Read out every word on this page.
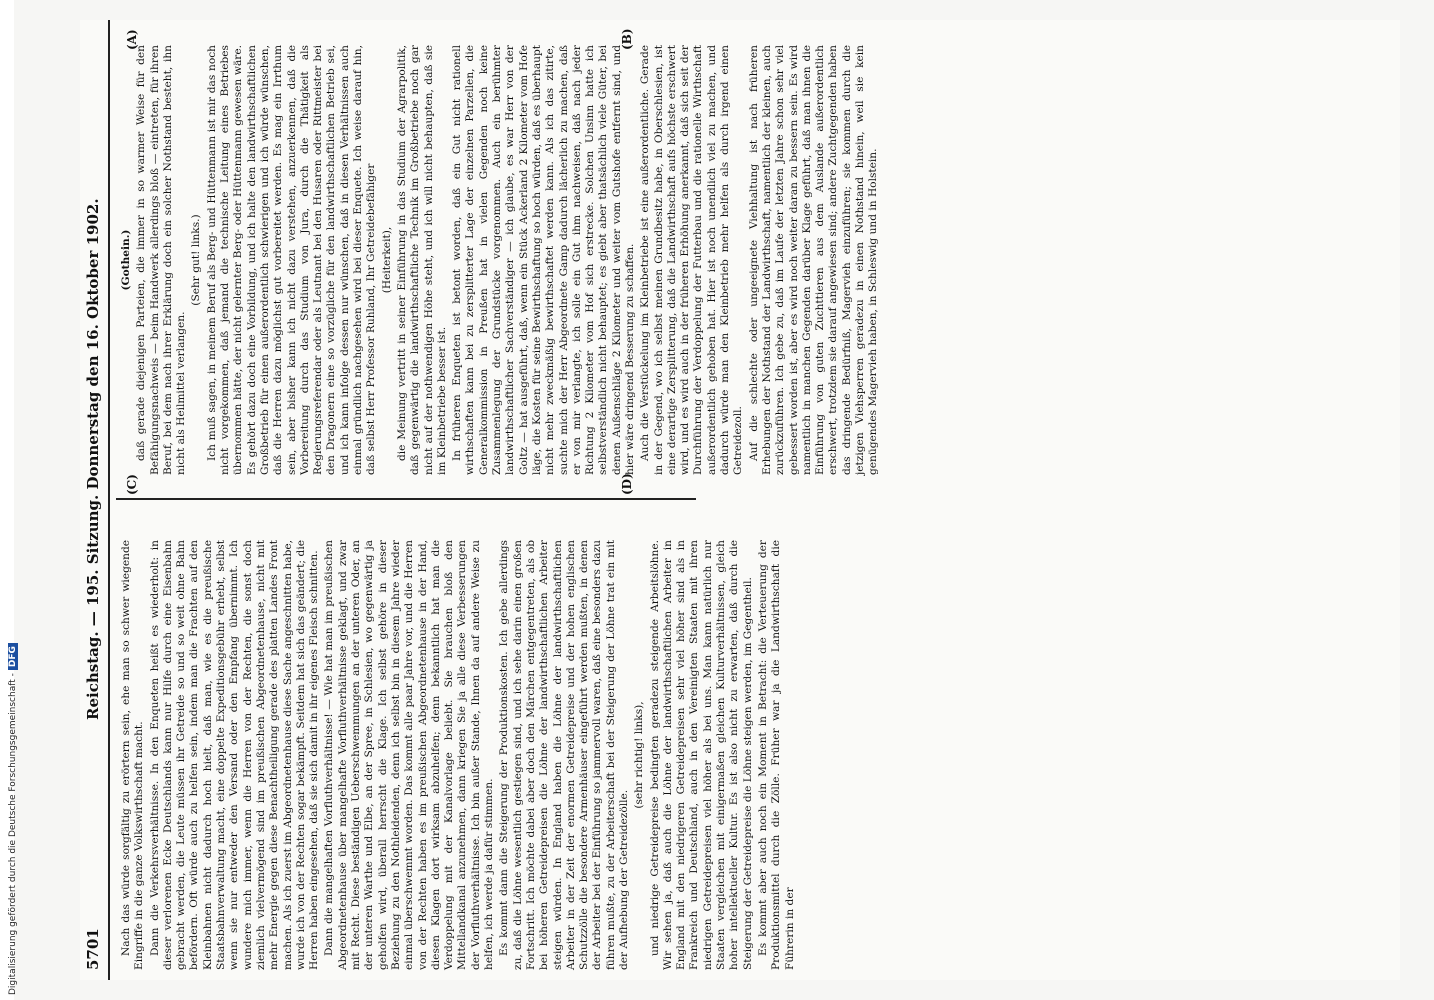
Digitalisierung gefördert durch die Deutsche Forschungsgemeinschaft -DFG
5701
Reichstag. — 195. Sitzung. Donnerstag den 16. Oktober 1902. (C)	(D)
(A)	(B)

Nach das würde sorgfältig zu erörtern sein, ehe man so schwer wiegende Eingriffe in die ganze Volkswirthschaft macht. Dann die Verkehrsverhältnisse. In den Enqueten heißt es wiederholt: in dieser verlorenen Ecke Deutschlands kann nur Hilfe durch eine Eisenbahn gebracht werden, die Leute müssen ihr Getreide so und so weit ohne Bahn befördern. Oft würde auch zu helfen sein, indem man die Frachten auf den Kleinbahnen nicht dadurch hoch hielt, daß man, wie es die preußische Staatsbahnverwaltung macht, eine doppelte Expeditionsgebühr erhebt, selbst wenn sie nur entweder den Versand oder den Empfang übernimmt. Ich wundere mich immer, wenn die Herren von der Rechten, die sonst doch ziemlich vielvermögend sind im preußischen Abgeordnetenhause, nicht mit mehr Energie gegen diese Benachtheiligung gerade des platten Landes Front machen. Als ich zuerst im Abgeordnetenhause diese Sache angeschnitten habe, wurde ich von der Rechten sogar bekämpft. Seitdem hat sich das geändert; die Herren haben eingesehen, daß sie sich damit in ihr eigenes Fleisch schnitten. Dann die mangelhaften Vorfluthverhältnisse! — Wie hat man im preußischen Abgeordnetenhause über mangelhafte Vorfluthverhältnisse geklagt, und zwar mit Recht. Diese beständigen Ueberschwemmungen an der unteren Oder, an der unteren Warthe und Elbe, an der Spree, in Schlesien, wo gegenwärtig ja geholfen wird, überall herrscht die Klage. Ich selbst gehöre in dieser Beziehung zu den Nothleidenden, denn ich selbst bin in diesem Jahre wieder einmal überschwemmt worden. Das kommt alle paar Jahre vor, und die Herren von der Rechten haben es im preußischen Abgeordnetenhause in der Hand, diesen Klagen dort wirksam abzuhelfen; denn bekanntlich hat man die Verdoppelung mit der Kanalvorlage beliebt. Sie brauchen bloß den Mittellandkanal anzunehmen, dann kriegen Sie ja alle diese Verbesserungen der Vorfluthverhältnisse. Ich bin außer Stande, Ihnen da auf andere Weise zu helfen, ich werde ja dafür stimmen. Es kommt dann die Steigerung der Produktionskosten. Ich gebe allerdings zu, daß die Löhne wesentlich gestiegen sind, und ich sehe darin einen großen Fortschritt. Ich möchte dabei aber doch den Märchen entgegentreten, als ob bei höheren Getreidepreisen die Löhne der landwirthschaftlichen Arbeiter steigen würden. In England haben die Löhne der landwirthschaftlichen Arbeiter in der Zeit der enormen Getreidepreise und der hohen englischen Schutzzölle die besondere Armenhäuser eingeführt werden mußten, in denen der Arbeiter bei der Einführung so jammervoll waren, daß eine besonders dazu führen mußte, zu der Arbeiterschaft bei der Steigerung der Löhne trat ein mit der Aufhebung der Getreidezölle.

(sehr richtig! links), und niedrige Getreidepreise bedingten geradezu steigende Arbeitslöhne. Wir sehen ja, daß auch die Löhne der landwirthschaftlichen Arbeiter in England mit den niedrigeren Getreidepreisen sehr viel höher sind als in Frankreich und Deutschland, auch in den Vereinigten Staaten mit ihren niedrigen Getreidepreisen viel höher als bei uns. Man kann natürlich nur Staaten vergleichen mit einigermaßen gleichen Kulturverhältnissen, gleich hoher intellektueller Kultur. Es ist also nicht zu erwarten, daß durch die Steigerung der Getreidepreise die Löhne steigen werden, im Gegentheil. Es kommt aber auch noch ein Moment in Betracht: die Verteuerung der Produktionsmittel durch die Zölle. Früher war ja die Landwirthschaft die Führerin in der

(Gothein.) daß gerade diejenigen Parteien, die immer in so warmer Weise für den Befähigungsnachweis — beim Handwerk allerdings bloß — eintreten, für ihren Beruf, bei dem nach ihrer Erklärung doch ein solcher Nothstand besteht, ihn nicht als Heilmittel verlangen.

(Sehr gut! links.) Ich muß sagen, in meinem Beruf als Berg- und Hüttenmann ist mir das noch nicht vorgekommen, daß jemand die technische Leitung eines Betriebes übernommen hätte, der nicht gelernter Berg- oder Hüttenmann gewesen wäre. Es gehört dazu doch eine Vorbildung, und ich halte den landwirthschaftlichen Großbetrieb für einen außerordentlich schwierigen und ich würde wünschen, daß die Herren dazu möglichst gut vorbereitet werden. Es mag ein Irrthum sein, aber bisher kann ich nicht dazu verstehen, anzuerkennen, daß die Vorbereitung durch das Studium von Jura, durch die Thätigkeit als Regierungsreferendar oder als Leutnant bei den Husaren oder Rittmeister bei den Dragonern eine so vorzügliche für den landwirthschaftlichen Betrieb sei, und ich kann infolge dessen nur wünschen, daß in diesen Verhältnissen auch einmal gründlich nachgesehen wird bei dieser Enquete. Ich weise darauf hin, daß selbst Herr Professor Ruhland, Ihr Getreidebefähiger (Heiterkeit), die Meinung vertritt in seiner Einführung in das Studium der Agrarpolitik, daß gegenwärtig die landwirthschaftliche Technik im Großbetriebe noch gar nicht auf der nothwendigen Höhe steht, und ich will nicht behaupten, daß sie im Kleinbetriebe besser ist. In früheren Enqueten ist betont worden, daß ein Gut nicht rationell wirthschaften kann bei zu zersplitterter Lage der einzelnen Parzellen, die Generalkommission in Preußen hat in vielen Gegenden noch keine Zusammenlegung der Grundstücke vorgenommen. Auch ein berühmter landwirthschaftlicher Sachverständiger — ich glaube, es war Herr von der Goltz — hat ausgeführt, daß, wenn ein Stück Ackerland 2 Kilometer vom Hofe läge, die Kosten für seine Bewirthschaftung so hoch würden, daß es überhaupt nicht mehr zweckmäßig bewirthschaftet werden kann. Als ich das zitirte, suchte mich der Herr Abgeordnete Gamp dadurch lächerlich zu machen, daß er von mir verlangte, ich solle ein Gut ihm nachweisen, daß nach jeder Richtung 2 Kilometer vom Hof sich erstrecke. Solchen Unsinn hatte ich selbstverständlich nicht behauptet; es giebt aber thatsächlich viele Güter, bei denen Außenschläge 2 Kilometer und weiter vom Gutshofe entfernt sind, und hier wäre dringend Besserung zu schaffen. Auch die Verstückelung im Kleinbetriebe ist eine außerordentliche. Gerade in der Gegend, wo ich selbst meinen Grundbesitz habe, in Oberschlesien, ist eine derartige Zersplitterung, daß die Landwirthschaft aufs höchste erschwert wird, und es wird auch in der früheren Erhöhung anerkannt, daß sich seit der Durchführung der Verdoppelung der Futterbau und die rationelle Wirthschaft außerordentlich gehoben hat. Hier ist noch unendlich viel zu machen, und dadurch würde man den Kleinbetrieb mehr helfen als durch irgend einen Getreidezoll. Auf die schlechte oder ungeeignete Viehhaltung ist nach früheren Erhebungen der Nothstand der Landwirthschaft, namentlich der kleinen, auch zurückzuführen. Ich gebe zu, daß im Laufe der letzten Jahre schon sehr viel gebessert worden ist, aber es wird noch weiter daran zu bessern sein. Es wird namentlich in manchen Gegenden darüber Klage geführt, daß man ihnen die Einführung von guten Zuchttieren aus dem Auslande außerordentlich erschwert, trotzdem sie darauf angewiesen sind; andere Zuchtgegenden haben das dringende Bedürfniß, Magervieh einzuführen; sie kommen durch die jetzigen Viehsperren geradezu in einen Nothstand hinein, weil sie kein genügendes Magervieh haben, in Schleswig und in Holstein.
